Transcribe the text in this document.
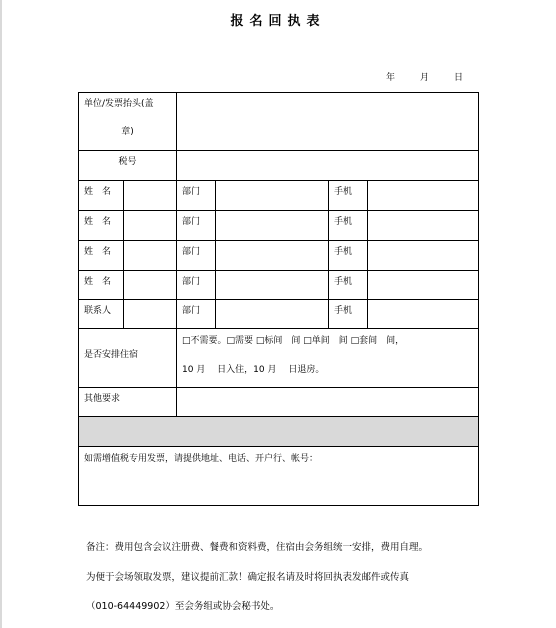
报名回执表
年	月	日
单位/发票抬头(盖
章)
税号
姓　名	部门	手机
姓　名	部门	手机
姓　名	部门	手机
姓　名	部门	手机
联系人	部门	手机
是否安排住宿
□不需要。□需要 □标间　间 □单间　间 □套间　间，
10 月　 日入住，10 月　 日退房。
其他要求
如需增值税专用发票，请提供地址、电话、开户行、帐号：
备注：费用包含会议注册费、餐费和资料费，住宿由会务组统一安排，费用自理。
为便于会场领取发票，建议提前汇款！确定报名请及时将回执表发邮件或传真
（010-64449902）至会务组或协会秘书处。
